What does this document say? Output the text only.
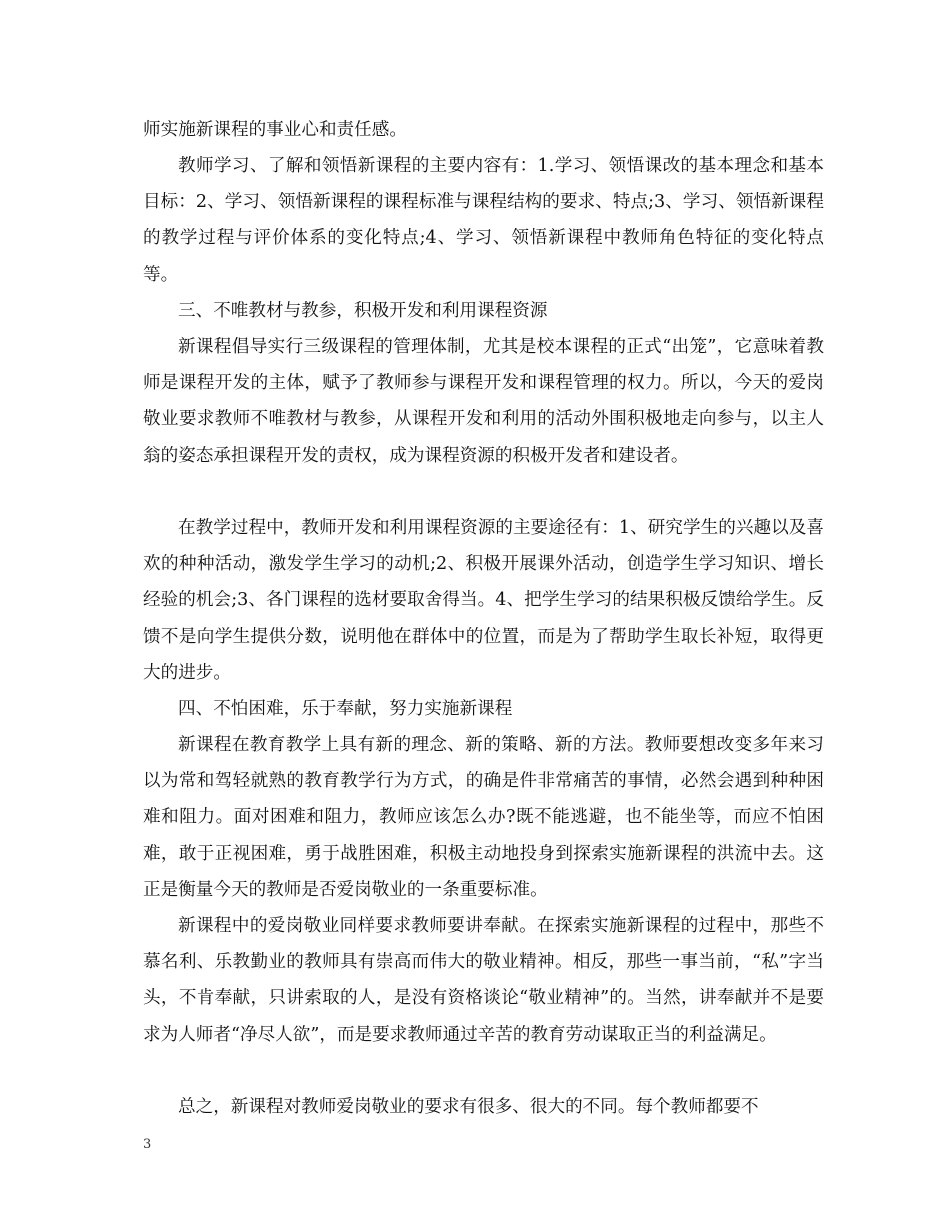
师实施新课程的事业心和责任感。

教师学习、了解和领悟新课程的主要内容有：1.学习、领悟课改的基本理念和基本目标：2、学习、领悟新课程的课程标准与课程结构的要求、特点;3、学习、领悟新课程的教学过程与评价体系的变化特点;4、学习、领悟新课程中教师角色特征的变化特点等。

三、不唯教材与教参，积极开发和利用课程资源

新课程倡导实行三级课程的管理体制，尤其是校本课程的正式“出笼”，它意味着教师是课程开发的主体，赋予了教师参与课程开发和课程管理的权力。所以，今天的爱岗敬业要求教师不唯教材与教参，从课程开发和利用的活动外围积极地走向参与，以主人翁的姿态承担课程开发的责权，成为课程资源的积极开发者和建设者。

在教学过程中，教师开发和利用课程资源的主要途径有：1、研究学生的兴趣以及喜欢的种种活动，激发学生学习的动机;2、积极开展课外活动，创造学生学习知识、增长经验的机会;3、各门课程的选材要取舍得当。4、把学生学习的结果积极反馈给学生。反馈不是向学生提供分数，说明他在群体中的位置，而是为了帮助学生取长补短，取得更大的进步。

四、不怕困难，乐于奉献，努力实施新课程

新课程在教育教学上具有新的理念、新的策略、新的方法。教师要想改变多年来习以为常和驾轻就熟的教育教学行为方式，的确是件非常痛苦的事情，必然会遇到种种困难和阻力。面对困难和阻力，教师应该怎么办?既不能逃避，也不能坐等，而应不怕困难，敢于正视困难，勇于战胜困难，积极主动地投身到探索实施新课程的洪流中去。这正是衡量今天的教师是否爱岗敬业的一条重要标准。

新课程中的爱岗敬业同样要求教师要讲奉献。在探索实施新课程的过程中，那些不慕名利、乐教勤业的教师具有崇高而伟大的敬业精神。相反，那些一事当前，“私”字当头，不肯奉献，只讲索取的人，是没有资格谈论“敬业精神”的。当然，讲奉献并不是要求为人师者“净尽人欲”，而是要求教师通过辛苦的教育劳动谋取正当的利益满足。

总之，新课程对教师爱岗敬业的要求有很多、很大的不同。每个教师都要不

3
